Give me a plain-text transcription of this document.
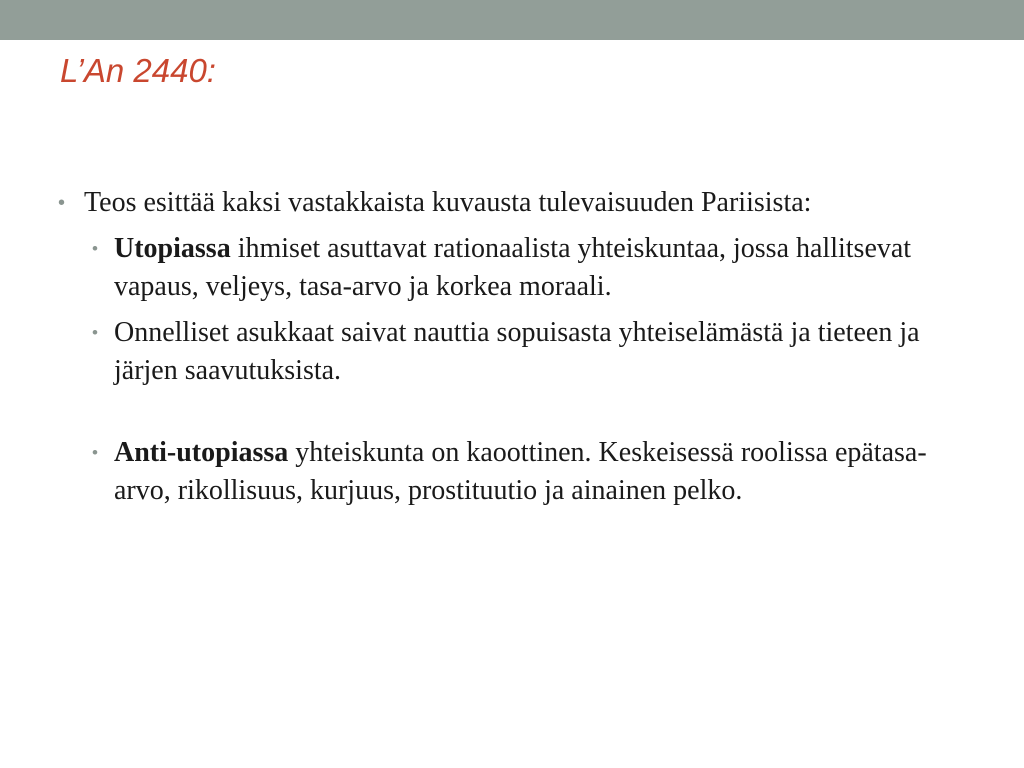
L’An 2440:

• Teos esittää kaksi vastakkaista kuvausta tulevaisuuden Pariisista:

• Utopiassa ihmiset asuttavat rationaalista yhteiskuntaa, jossa hallitsevat vapaus, veljeys, tasa-arvo ja korkea moraali.

• Onnelliset asukkaat saivat nauttia sopuisasta yhteiselämästä ja tieteen ja järjen saavutuksista.

• Anti-utopiassa yhteiskunta on kaoottinen. Keskeisessä roolissa epätasa-arvo, rikollisuus, kurjuus, prostituutio ja ainainen pelko.
